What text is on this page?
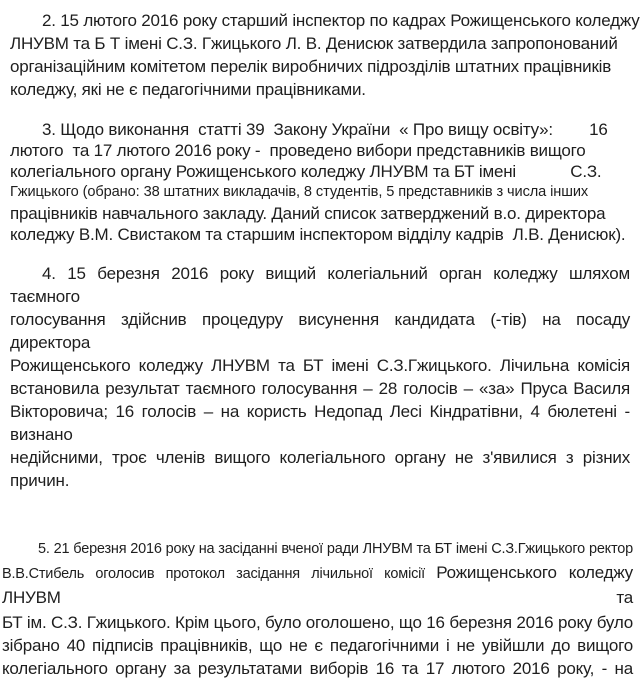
2. 15 лютого 2016 року старший інспектор по кадрах Рожищенського коледжу
ЛНУВМ та Б Т імені С.З. Гжицького Л. В. Денисюк затвердила запропонований
організаційним комітетом перелік виробничих підрозділів штатних працівників
коледжу, які не є педагогічними працівниками.
3. Щодо виконання  статті 39  Закону України  « Про вищу освіту»:        16
лютого  та 17 лютого 2016 року -  проведено вибори представників вищого
колегіального органу Рожищенського коледжу ЛНУВМ та БТ імені            С.З.
Гжицького (обрано: 38 штатних викладачів, 8 студентів, 5 представників з числа інших
працівників навчального закладу. Даний список затверджений в.о. директора
коледжу В.М. Свистаком та старшим інспектором відділу кадрів  Л.В. Денисюк).
4. 15 березня 2016 року вищий колегіальний орган коледжу шляхом таємного
голосування здійснив процедуру висунення кандидата (-тів) на посаду директора
Рожищенського коледжу ЛНУВМ та БТ імені С.З.Гжицького. Лічильна комісія
встановила результат таємного голосування – 28 голосів – «за» Пруса Василя
Вікторовича; 16 голосів – на користь Недопад Лесі Кіндратівни, 4 бюлетені - визнано
недійсними, троє членів вищого колегіального органу не з'явилися з різних причин.
5. 21 березня 2016 року на засіданні вченої ради ЛНУВМ та БТ імені С.З.Гжицького ректор
В.В.Стибель оголосив протокол засідання лічильної комісії Рожищенського коледжу ЛНУВМ та
БТ ім. С.З. Гжицького. Крім цього, було оголошено, що 16 березня 2016 року було
зібрано 40 підписів працівників, що не є педагогічними і не увійшли до вищого
колегіального органу за результатами виборів 16 та 17 лютого 2016 року, - на
